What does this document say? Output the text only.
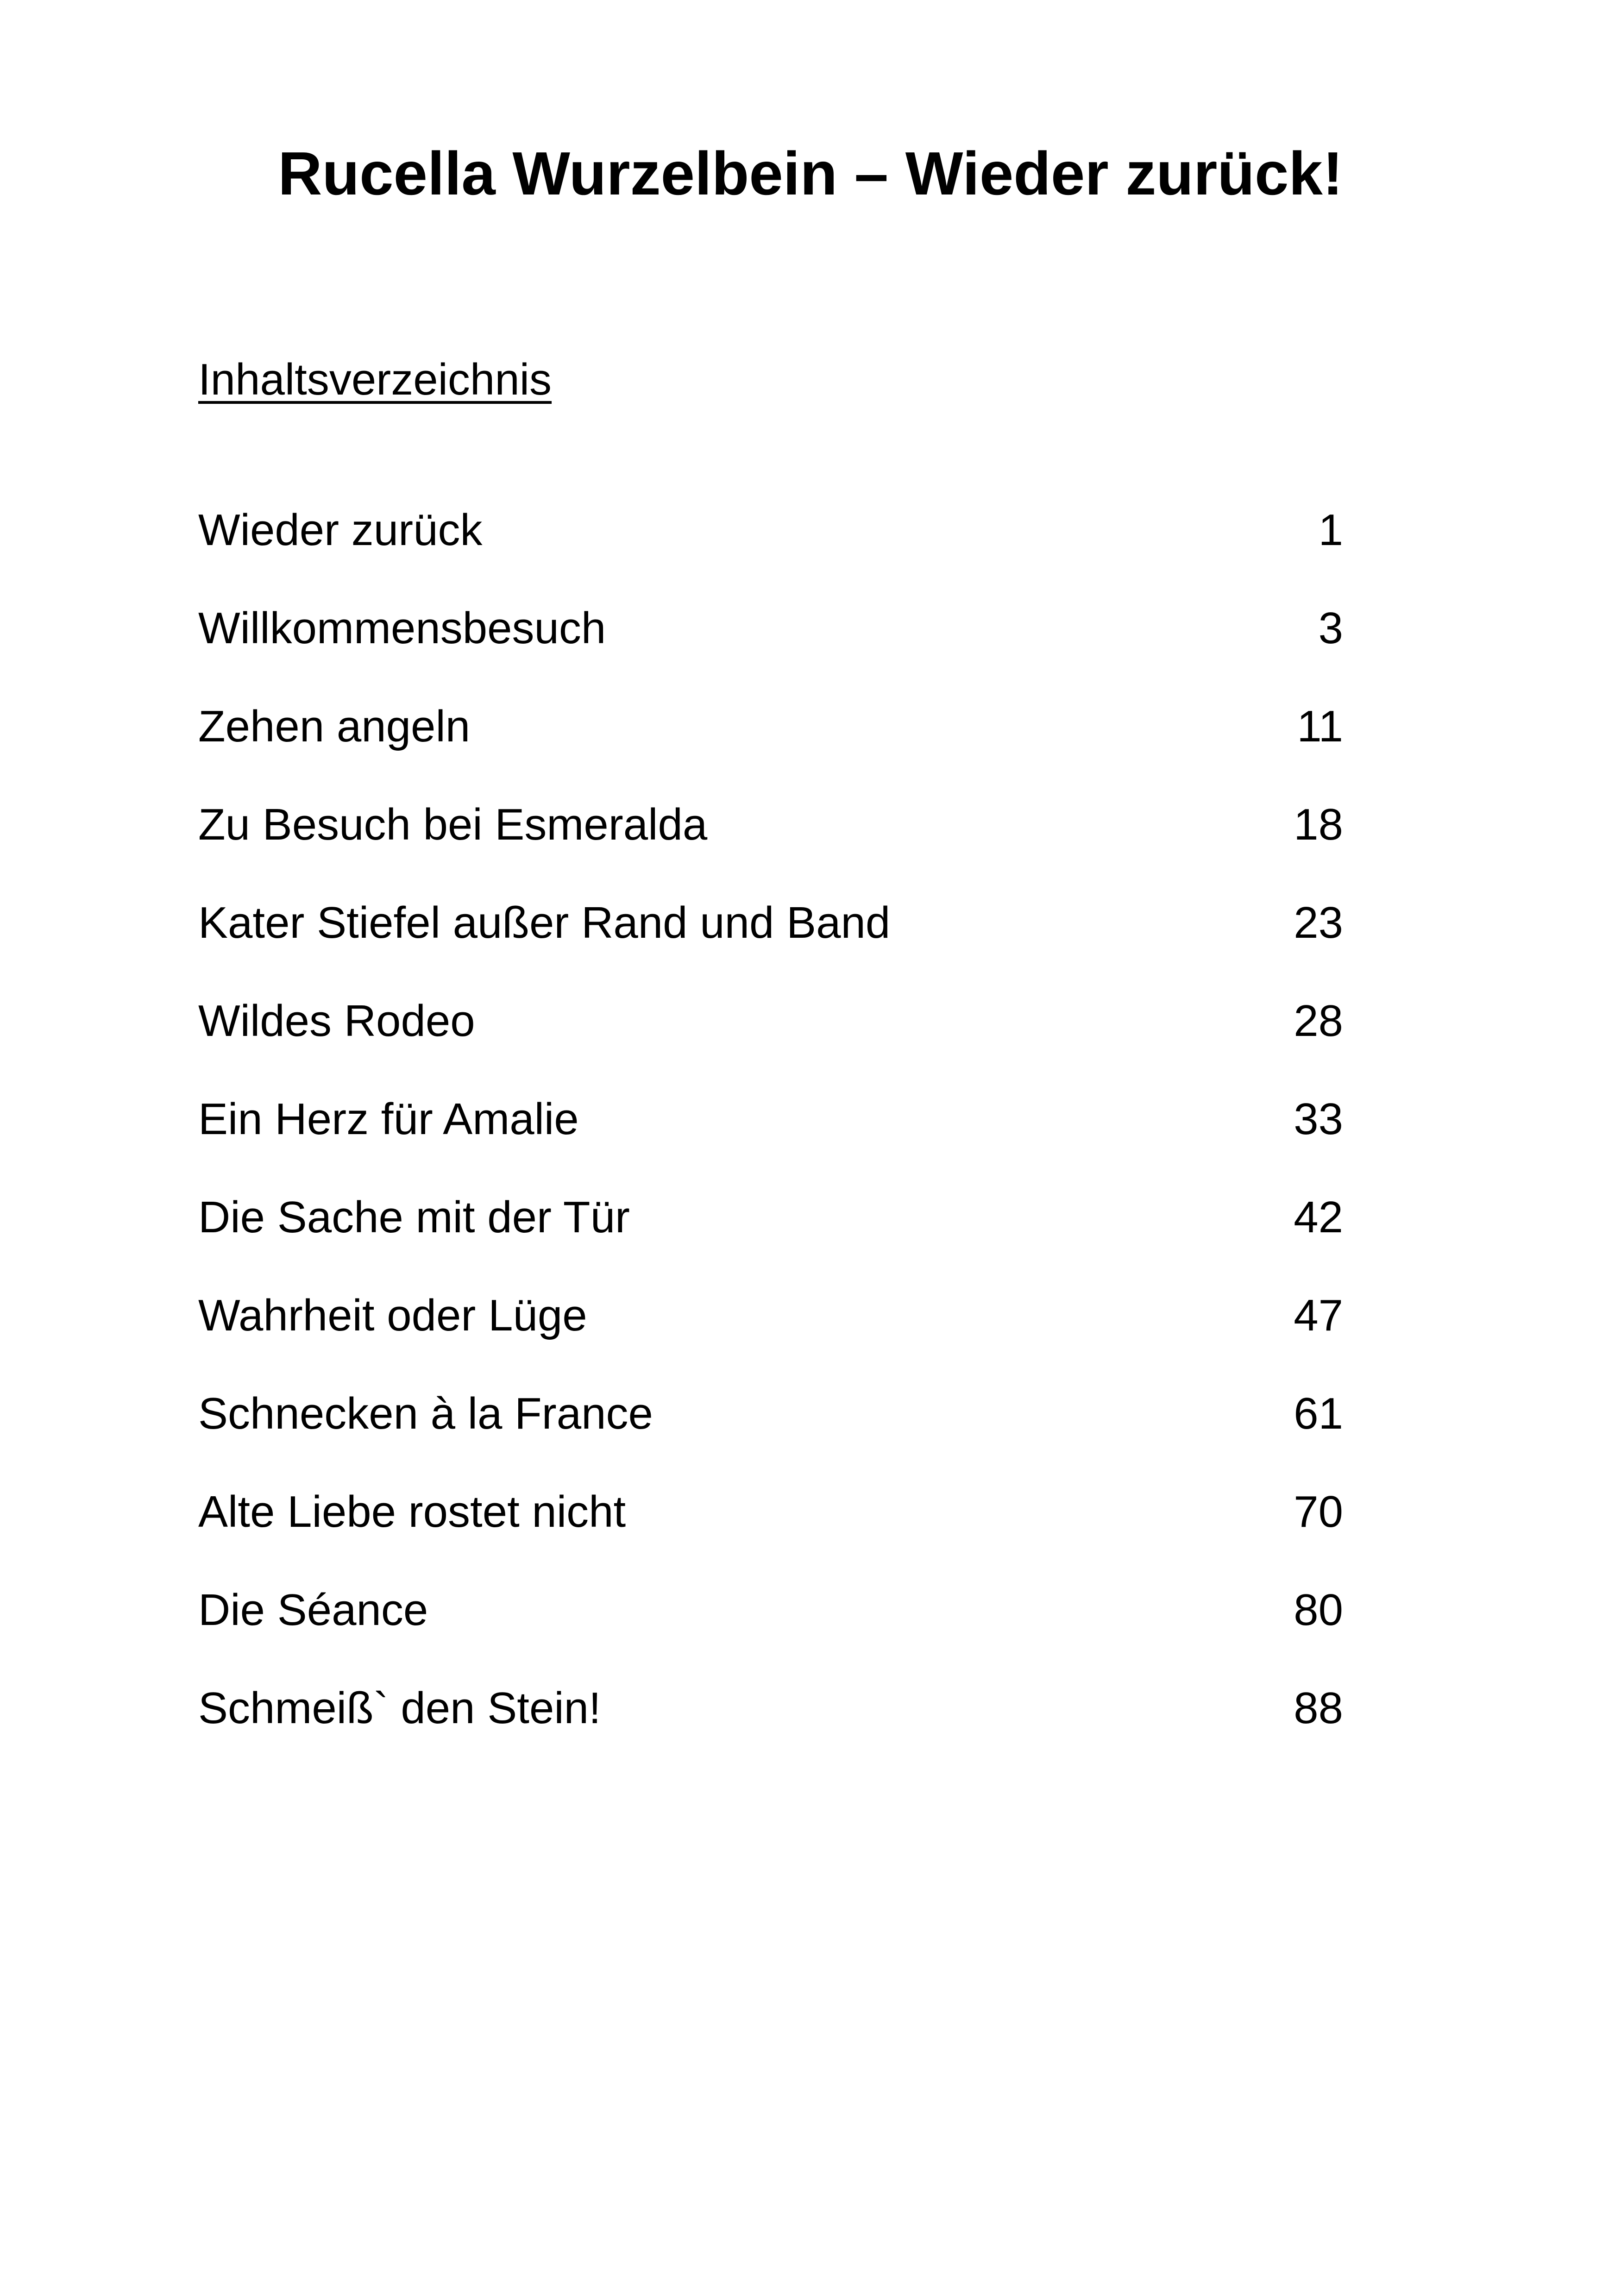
Rucella Wurzelbein – Wieder zurück!
Inhaltsverzeichnis
Wieder zurück	1
Willkommensbesuch	3
Zehen angeln	11
Zu Besuch bei Esmeralda	18
Kater Stiefel außer Rand und Band	23
Wildes Rodeo	28
Ein Herz für Amalie	33
Die Sache mit der Tür	42
Wahrheit oder Lüge	47
Schnecken à la France	61
Alte Liebe rostet nicht	70
Die Séance	80
Schmeiß` den Stein!	88
